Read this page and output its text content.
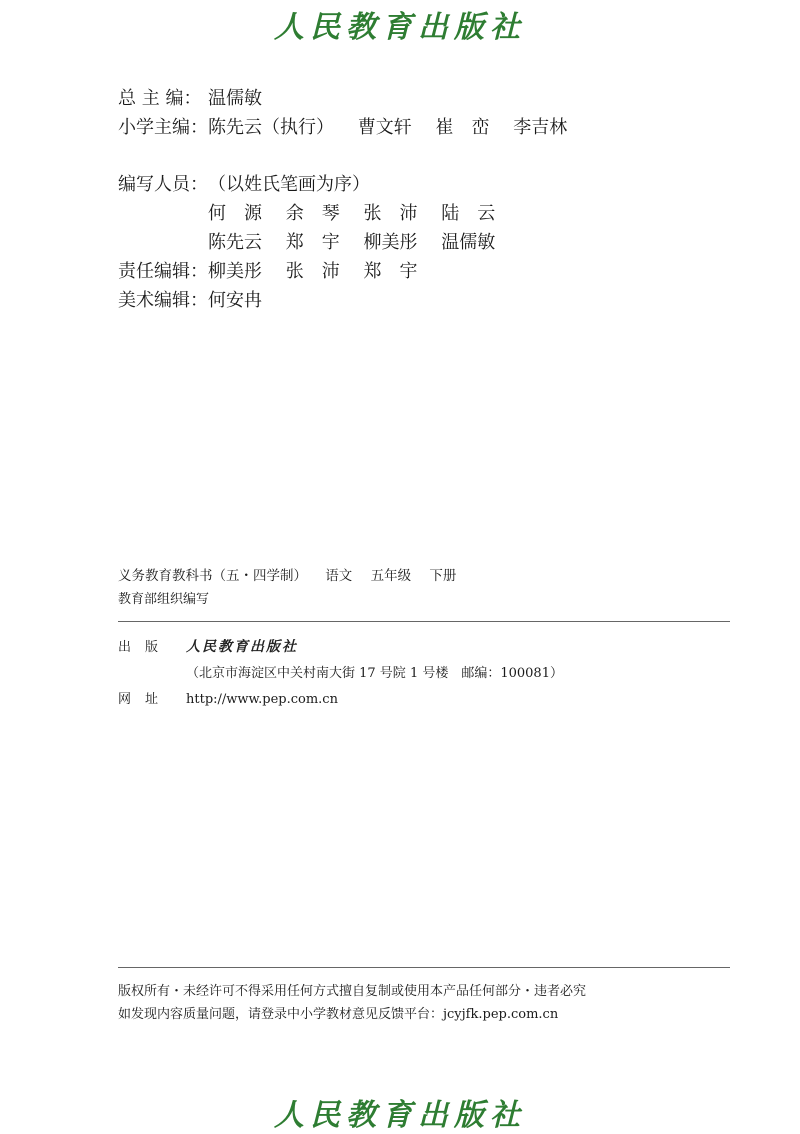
人民教育出版社
总 主 编： 温儒敏
小学主编： 陈先云（执行） 曹文轩 崔　峦 李吉林
编写人员： （以姓氏笔画为序）
何　源 余　琴 张　沛 陆　云
陈先云 郑　宇 柳美彤 温儒敏
责任编辑： 柳美彤 张　沛 郑　宇
美术编辑： 何安冉
义务教育教科书（五・四学制） 语文 五年级 下册
教育部组织编写
出版 人民教育出版社
（北京市海淀区中关村南大街 17 号院 1 号楼　邮编：100081）
网址 http://www.pep.com.cn
版权所有・未经许可不得采用任何方式擅自复制或使用本产品任何部分・违者必究
如发现内容质量问题，请登录中小学教材意见反馈平台：jcyjfk.pep.com.cn
人民教育出版社
